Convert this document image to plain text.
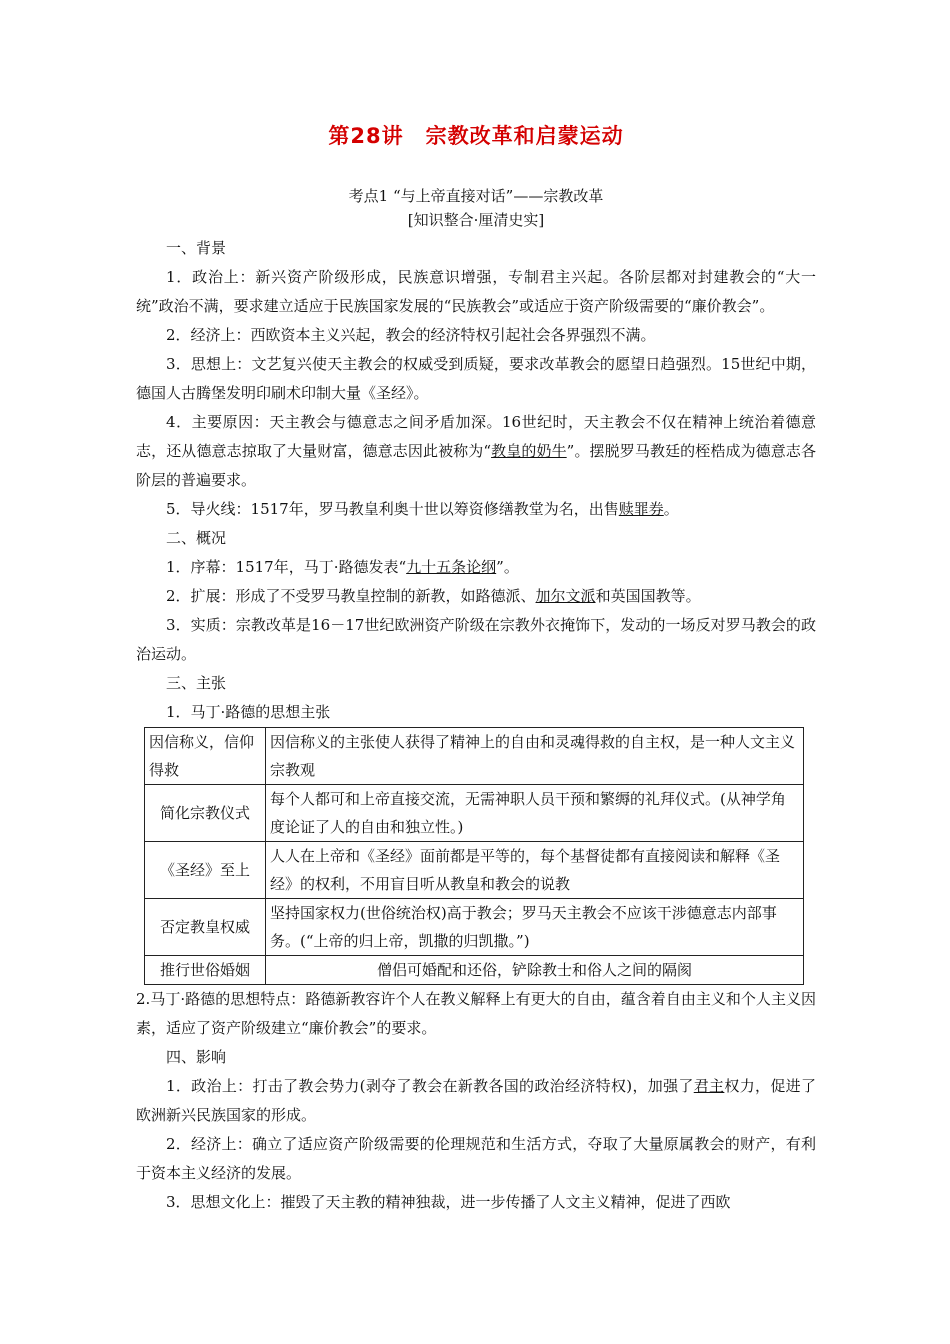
第28讲 宗教改革和启蒙运动
考点1 “与上帝直接对话”——宗教改革
[知识整合·厘清史实]
一、背景

1．政治上：新兴资产阶级形成，民族意识增强，专制君主兴起。各阶层都对封建教会的“大一统”政治不满，要求建立适应于民族国家发展的“民族教会”或适应于资产阶级需要的“廉价教会”。

2．经济上：西欧资本主义兴起，教会的经济特权引起社会各界强烈不满。

3．思想上：文艺复兴使天主教会的权威受到质疑，要求改革教会的愿望日趋强烈。15世纪中期，德国人古腾堡发明印刷术印制大量《圣经》。

4．主要原因：天主教会与德意志之间矛盾加深。16世纪时，天主教会不仅在精神上统治着德意志，还从德意志掠取了大量财富，德意志因此被称为“教皇的奶牛”。摆脱罗马教廷的桎梏成为德意志各阶层的普遍要求。

5．导火线：1517年，罗马教皇利奥十世以筹资修缮教堂为名，出售赎罪券。

二、概况

1．序幕：1517年，马丁·路德发表“九十五条论纲”。

2．扩展：形成了不受罗马教皇控制的新教，如路德派、加尔文派和英国国教等。

3．实质：宗教改革是16－17世纪欧洲资产阶级在宗教外衣掩饰下，发动的一场反对罗马教会的政治运动。

三、主张
1．马丁·路德的思想主张
因信称义，信仰得救	因信称义的主张使人获得了精神上的自由和灵魂得救的自主权，是一种人文主义宗教观
简化宗教仪式	每个人都可和上帝直接交流，无需神职人员干预和繁缛的礼拜仪式。(从神学角度论证了人的自由和独立性。)
《圣经》至上	人人在上帝和《圣经》面前都是平等的，每个基督徒都有直接阅读和解释《圣经》的权利，不用盲目听从教皇和教会的说教
否定教皇权威	坚持国家权力(世俗统治权)高于教会；罗马天主教会不应该干涉德意志内部事务。(“上帝的归上帝，凯撒的归凯撒。”)
推行世俗婚姻	僧侣可婚配和还俗，铲除教士和俗人之间的隔阂

2.马丁·路德的思想特点：路德新教容许个人在教义解释上有更大的自由，蕴含着自由主义和个人主义因素，适应了资产阶级建立“廉价教会”的要求。

四、影响

1．政治上：打击了教会势力(剥夺了教会在新教各国的政治经济特权)，加强了君主权力，促进了欧洲新兴民族国家的形成。

2．经济上：确立了适应资产阶级需要的伦理规范和生活方式，夺取了大量原属教会的财产，有利于资本主义经济的发展。

3．思想文化上：摧毁了天主教的精神独裁，进一步传播了人文主义精神，促进了西欧
